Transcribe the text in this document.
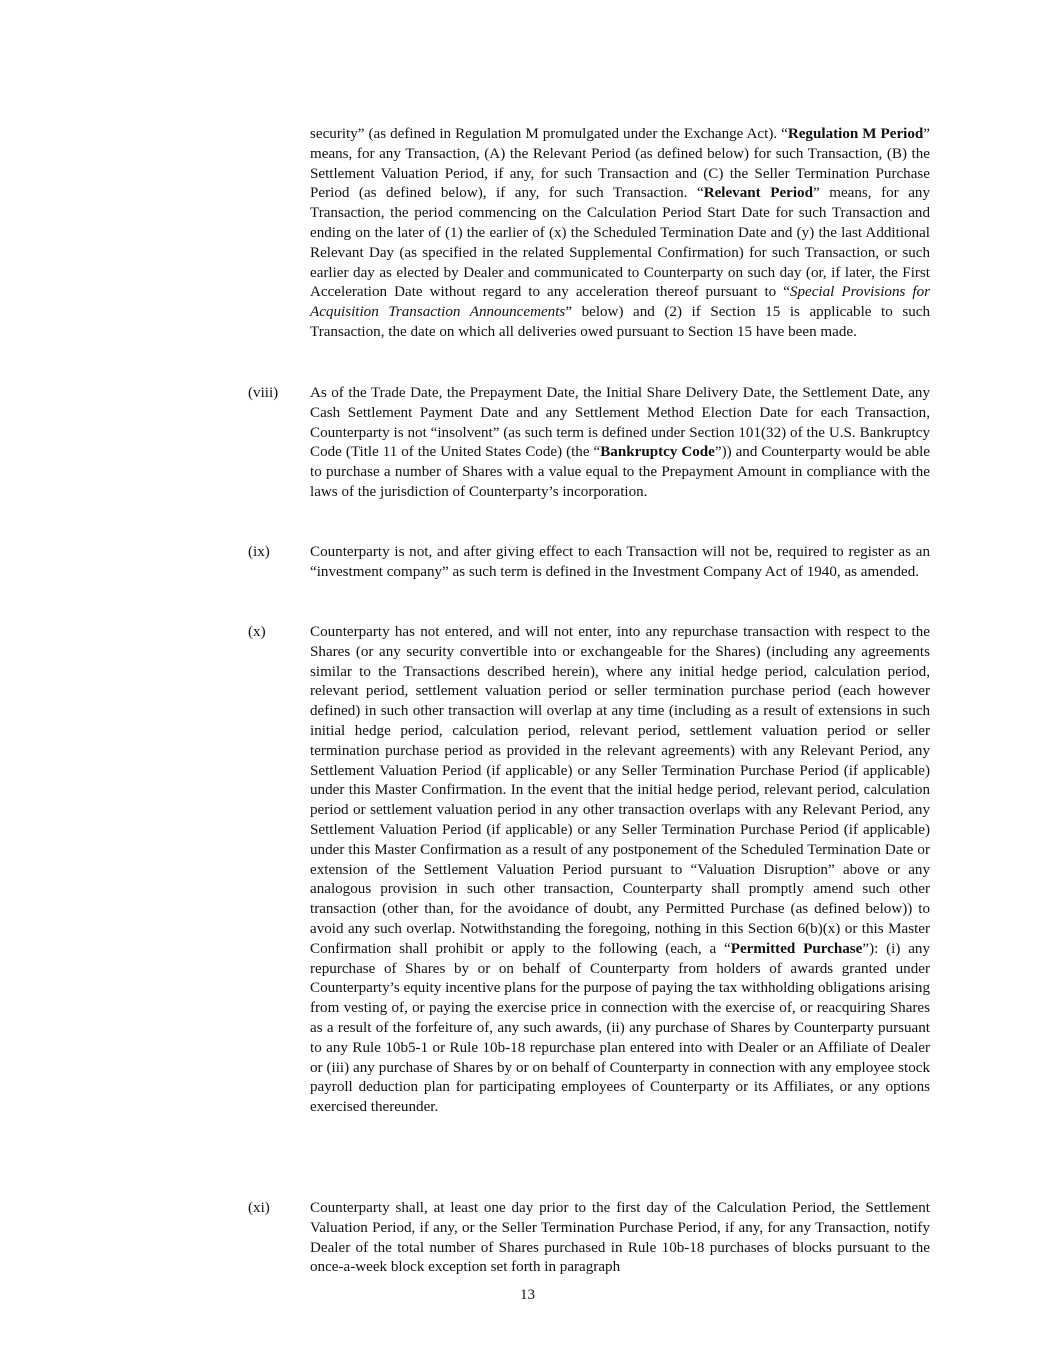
security” (as defined in Regulation M promulgated under the Exchange Act). “Regulation M Period” means, for any Transaction, (A) the Relevant Period (as defined below) for such Transaction, (B) the Settlement Valuation Period, if any, for such Transaction and (C) the Seller Termination Purchase Period (as defined below), if any, for such Transaction. “Relevant Period” means, for any Transaction, the period commencing on the Calculation Period Start Date for such Transaction and ending on the later of (1) the earlier of (x) the Scheduled Termination Date and (y) the last Additional Relevant Day (as specified in the related Supplemental Confirmation) for such Transaction, or such earlier day as elected by Dealer and communicated to Counterparty on such day (or, if later, the First Acceleration Date without regard to any acceleration thereof pursuant to “Special Provisions for Acquisition Transaction Announcements” below) and (2) if Section 15 is applicable to such Transaction, the date on which all deliveries owed pursuant to Section 15 have been made.

(viii) As of the Trade Date, the Prepayment Date, the Initial Share Delivery Date, the Settlement Date, any Cash Settlement Payment Date and any Settlement Method Election Date for each Transaction, Counterparty is not “insolvent” (as such term is defined under Section 101(32) of the U.S. Bankruptcy Code (Title 11 of the United States Code) (the “Bankruptcy Code”)) and Counterparty would be able to purchase a number of Shares with a value equal to the Prepayment Amount in compliance with the laws of the jurisdiction of Counterparty’s incorporation.

(ix)	Counterparty is not, and after giving effect to each Transaction will not be, required to register as an “investment company” as such term is defined in the Investment Company Act of 1940, as amended.

(x)	Counterparty has not entered, and will not enter, into any repurchase transaction with respect to the Shares (or any security convertible into or exchangeable for the Shares) (including any agreements similar to the Transactions described herein), where any initial hedge period, calculation period, relevant period, settlement valuation period or seller termination purchase period (each however defined) in such other transaction will overlap at any time (including as a result of extensions in such initial hedge period, calculation period, relevant period, settlement valuation period or seller termination purchase period as provided in the relevant agreements) with any Relevant Period, any Settlement Valuation Period (if applicable) or any Seller Termination Purchase Period (if applicable) under this Master Confirmation. In the event that the initial hedge period, relevant period, calculation period or settlement valuation period in any other transaction overlaps with any Relevant Period, any Settlement Valuation Period (if applicable) or any Seller Termination Purchase Period (if applicable) under this Master Confirmation as a result of any postponement of the Scheduled Termination Date or extension of the Settlement Valuation Period pursuant to “Valuation Disruption” above or any analogous provision in such other transaction, Counterparty shall promptly amend such other transaction (other than, for the avoidance of doubt, any Permitted Purchase (as defined below)) to avoid any such overlap. Notwithstanding the foregoing, nothing in this Section 6(b)(x) or this Master Confirmation shall prohibit or apply to the following (each, a “Permitted Purchase”): (i) any repurchase of Shares by or on behalf of Counterparty from holders of awards granted under Counterparty’s equity incentive plans for the purpose of paying the tax withholding obligations arising from vesting of, or paying the exercise price in connection with the exercise of, or reacquiring Shares as a result of the forfeiture of, any such awards, (ii) any purchase of Shares by Counterparty pursuant to any Rule 10b5-1 or Rule 10b-18 repurchase plan entered into with Dealer or an Affiliate of Dealer or (iii) any purchase of Shares by or on behalf of Counterparty in connection with any employee stock payroll deduction plan for participating employees of Counterparty or its Affiliates, or any options exercised thereunder.

(xi)	Counterparty shall, at least one day prior to the first day of the Calculation Period, the Settlement Valuation Period, if any, or the Seller Termination Purchase Period, if any, for any Transaction, notify Dealer of the total number of Shares purchased in Rule 10b-18 purchases of blocks pursuant to the once-a-week block exception set forth in paragraph

13
